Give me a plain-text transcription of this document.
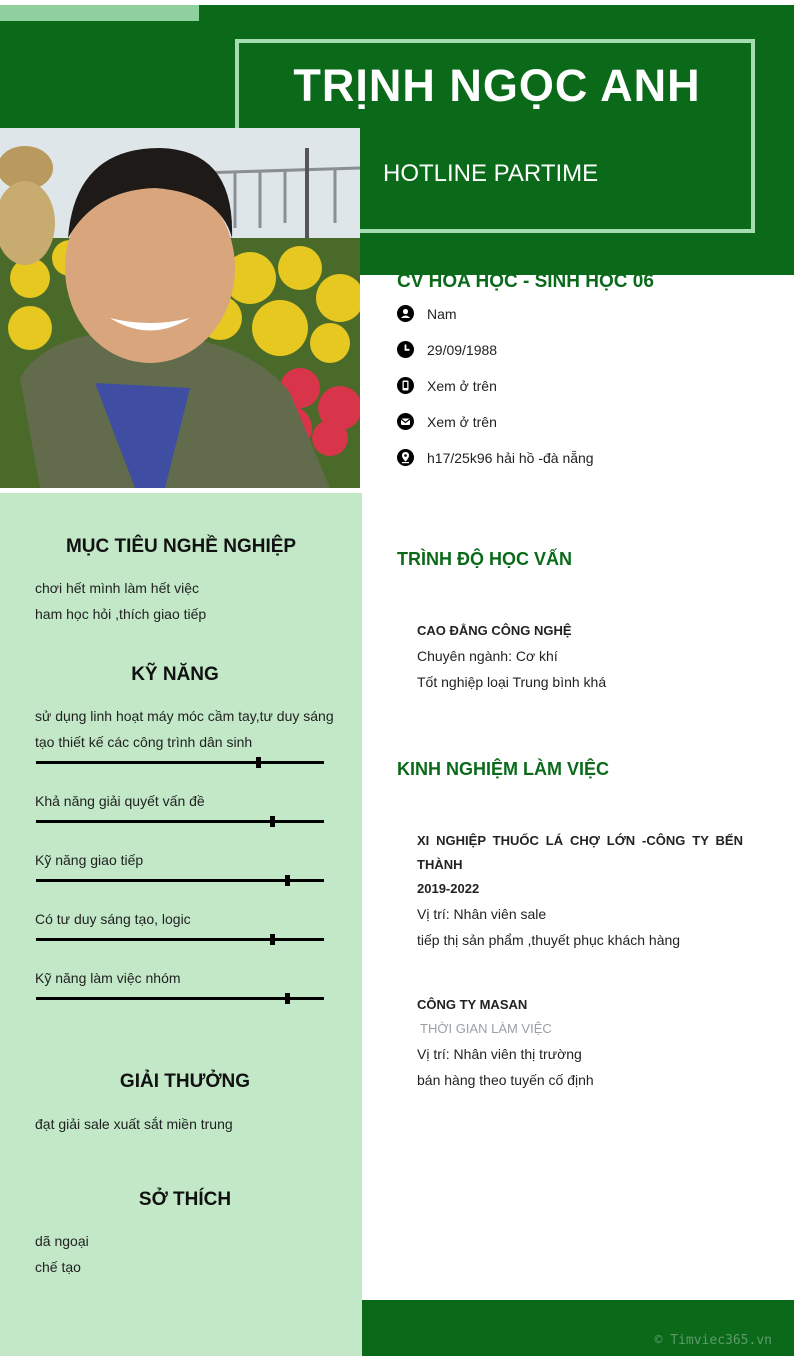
TRỊNH NGỌC ANH
HOTLINE PARTIME
CV HÓA HỌC - SINH HỌC 06
Nam
29/09/1988
Xem ở trên
Xem ở trên
h17/25k96 hải hồ -đà nẵng
MỤC TIÊU NGHỀ NGHIỆP
chơi hết mình làm hết việc
ham học hỏi ,thích giao tiếp
KỸ NĂNG
sử dụng linh hoạt máy móc cầm tay,tư duy sáng
tạo thiết kế các công trình dân sinh
Khả năng giải quyết vấn đề
Kỹ năng giao tiếp
Có tư duy sáng tạo, logic
Kỹ năng làm việc nhóm
GIẢI THƯỞNG
đạt giải sale xuất sắt miền trung
SỞ THÍCH
dã ngoại
chế tạo
TRÌNH ĐỘ HỌC VẤN
CAO ĐẲNG CÔNG NGHỆ
Chuyên ngành: Cơ khí
Tốt nghiệp loại Trung bình khá
KINH NGHIỆM LÀM VIỆC
XI NGHIỆP THUỐC LÁ CHỢ LỚN -CÔNG TY BẾN
THÀNH
2019-2022
Vị trí: Nhân viên sale
tiếp thị sản phẩm ,thuyết phục khách hàng
CÔNG TY MASAN
THỜI GIAN LÀM VIỆC
Vị trí: Nhân viên thị trường
bán hàng theo tuyến cố định
© Timviec365.vn
